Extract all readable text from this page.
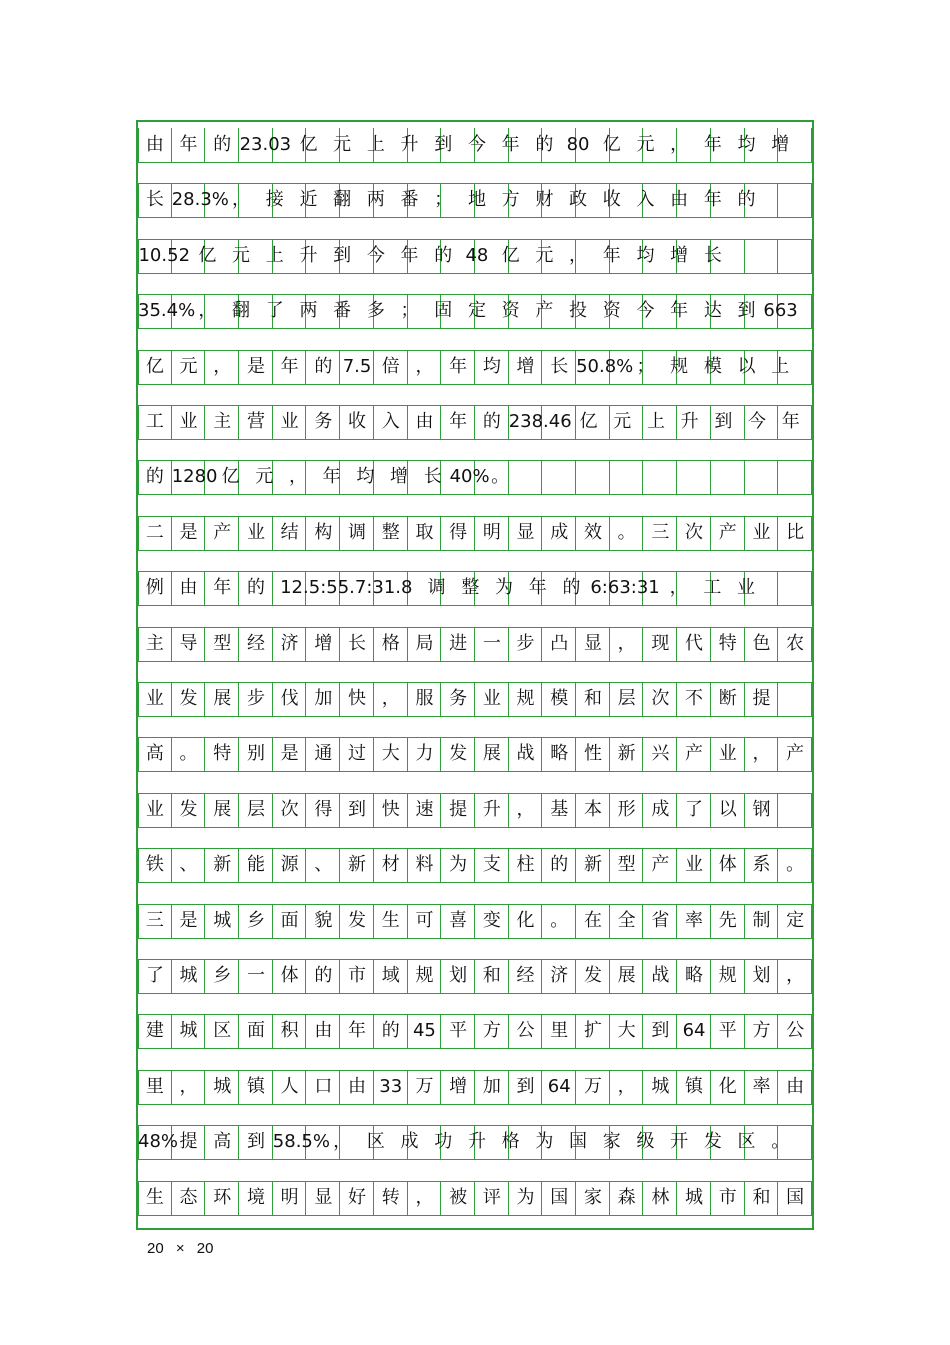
由 年 的 23.03 亿 元 上 升 到 今 年 的 80 亿 元 ， 年 均 增
长 28.3% ， 接 近 翻 两 番 ； 地 方 财 政 收 入 由 年 的
10.52 亿 元 上 升 到 今 年 的 48 亿 元 ， 年 均 增 长
35.4% ， 翻 了 两 番 多 ； 固 定 资 产 投 资 今 年 达 到 663
亿 元 ， 是 年 的 7.5 倍 ， 年 均 增 长 50.8% ； 规 模 以 上
工 业 主 营 业 务 收 入 由 年 的 238.46 亿 元 上 升 到 今 年
的 1280 亿 元 ， 年 均 增 长 40% 。
二 是 产 业 结 构 调 整 取 得 明 显 成 效 。 三 次 产 业 比
例 由 年 的 12.5:55.7:31.8 调 整 为 年 的 6:63:31 ， 工 业
主 导 型 经 济 增 长 格 局 进 一 步 凸 显 ， 现 代 特 色 农
业 发 展 步 伐 加 快 ， 服 务 业 规 模 和 层 次 不 断 提
高 。 特 别 是 通 过 大 力 发 展 战 略 性 新 兴 产 业 ， 产
业 发 展 层 次 得 到 快 速 提 升 ， 基 本 形 成 了 以 钢
铁 、 新 能 源 、 新 材 料 为 支 柱 的 新 型 产 业 体 系 。
三 是 城 乡 面 貌 发 生 可 喜 变 化 。 在 全 省 率 先 制 定
了 城 乡 一 体 的 市 域 规 划 和 经 济 发 展 战 略 规 划 ，
建 城 区 面 积 由 年 的 45 平 方 公 里 扩 大 到 64 平 方 公
里 ， 城 镇 人 口 由 33 万 增 加 到 64 万 ， 城 镇 化 率 由
48% 提 高 到 58.5% ， 区 成 功 升 格 为 国 家 级 开 发 区 。
生 态 环 境 明 显 好 转 ， 被 评 为 国 家 森 林 城 市 和 国
20 × 20
